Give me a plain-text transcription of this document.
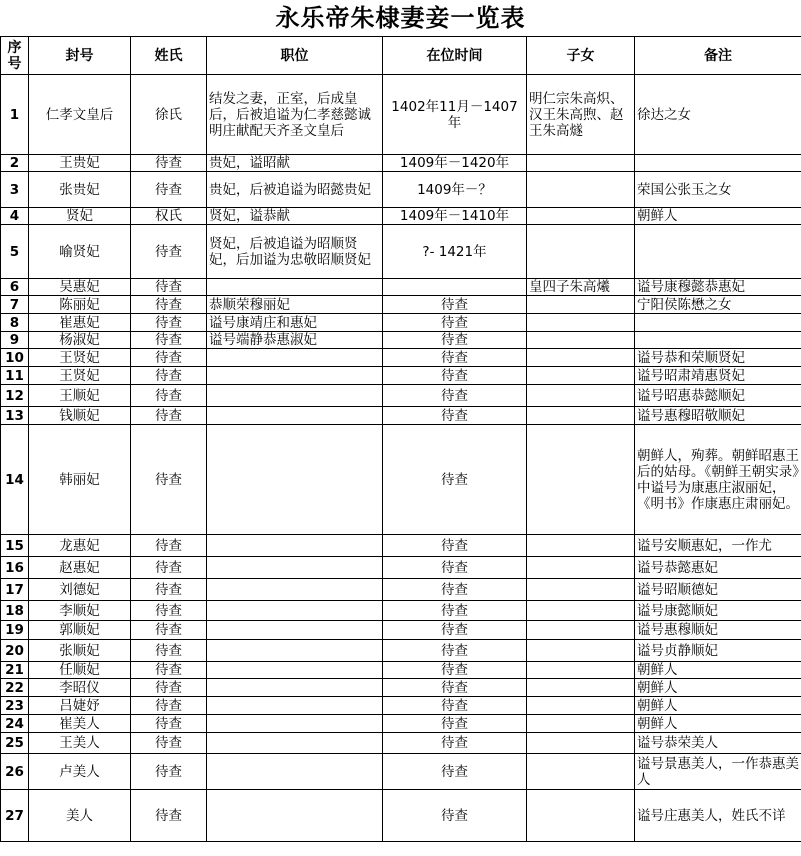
永乐帝朱棣妻妾一览表
序号	封号	姓氏	职位	在位时间	子女	备注
1	仁孝文皇后	徐氏	结发之妻，正室，后成皇后，后被追谥为仁孝慈懿诚明庄献配天齐圣文皇后	1402年11月－1407年	明仁宗朱高炽、汉王朱高煦、赵王朱高燧	徐达之女
2	王贵妃	待查	贵妃，谥昭献	1409年－1420年		
3	张贵妃	待查	贵妃，后被追谥为昭懿贵妃	1409年－？		荣国公张玉之女
4	贤妃	权氏	贤妃，谥恭献	1409年－1410年		朝鲜人
5	喻贤妃	待查	贤妃，后被追谥为昭顺贤妃，后加谥为忠敬昭顺贤妃	?- 1421年		
6	吴惠妃	待查			皇四子朱高爔	谥号康穆懿恭惠妃
7	陈丽妃	待查	恭顺荣穆丽妃	待查		宁阳侯陈懋之女
8	崔惠妃	待查	谥号康靖庄和惠妃	待查		
9	杨淑妃	待查	谥号端静恭惠淑妃	待查		
10	王贤妃	待查		待查		谥号恭和荣顺贤妃
11	王贤妃	待查		待查		谥号昭肃靖惠贤妃
12	王顺妃	待查		待查		谥号昭惠恭懿顺妃
13	钱顺妃	待查		待查		谥号惠穆昭敬顺妃
14	韩丽妃	待查		待查		朝鲜人，殉葬。朝鲜昭惠王后的姑母。《朝鲜王朝实录》中谥号为康惠庄淑丽妃，《明书》作康惠庄肃丽妃。
15	龙惠妃	待查		待查		谥号安顺惠妃，一作尤
16	赵惠妃	待查		待查		谥号恭懿惠妃
17	刘德妃	待查		待查		谥号昭顺德妃
18	李顺妃	待查		待查		谥号康懿顺妃
19	郭顺妃	待查		待查		谥号惠穆顺妃
20	张顺妃	待查		待查		谥号贞静顺妃
21	任顺妃	待查		待查		朝鲜人
22	李昭仪	待查		待查		朝鲜人
23	吕婕妤	待查		待查		朝鲜人
24	崔美人	待查		待查		朝鲜人
25	王美人	待查		待查		谥号恭荣美人
26	卢美人	待查		待查		谥号景惠美人，一作恭惠美人
27	美人	待查		待查		谥号庄惠美人，姓氏不详
